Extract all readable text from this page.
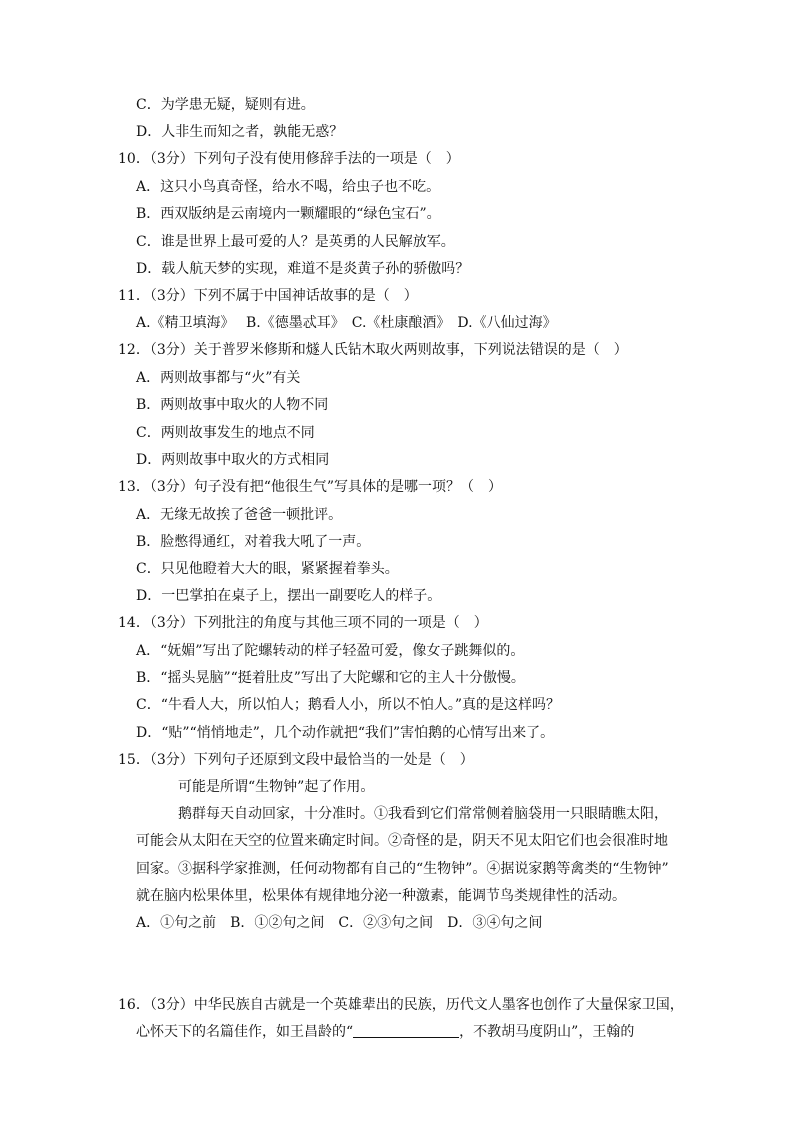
C．为学患无疑，疑则有进。
D．人非生而知之者，孰能无惑？
10．（3分）下列句子没有使用修辞手法的一项是（　）
A．这只小鸟真奇怪，给水不喝，给虫子也不吃。
B．西双版纳是云南境内一颗耀眼的“绿色宝石”。
C．谁是世界上最可爱的人？是英勇的人民解放军。
D．载人航天梦的实现，难道不是炎黄子孙的骄傲吗？
11．（3分）下列不属于中国神话故事的是（　）
A.《精卫填海》　 B.《德墨忒耳》　C.《杜康酿酒》　D.《八仙过海》
12．（3分）关于普罗米修斯和燧人氏钻木取火两则故事，下列说法错误的是（　）
A．两则故事都与“火”有关
B．两则故事中取火的人物不同
C．两则故事发生的地点不同
D．两则故事中取火的方式相同
13．（3分）句子没有把“他很生气”写具体的是哪一项？（　）
A．无缘无故挨了爸爸一顿批评。
B．脸憋得通红，对着我大吼了一声。
C．只见他瞪着大大的眼，紧紧握着拳头。
D．一巴掌拍在桌子上，摆出一副要吃人的样子。
14．（3分）下列批注的角度与其他三项不同的一项是（　）
A．“妩媚”写出了陀螺转动的样子轻盈可爱，像女子跳舞似的。
B．“摇头晃脑”“挺着肚皮”写出了大陀螺和它的主人十分傲慢。
C．“牛看人大，所以怕人；鹅看人小，所以不怕人。”真的是这样吗？
D．“贴”“悄悄地走”，几个动作就把“我们”害怕鹅的心情写出来了。
15．（3分）下列句子还原到文段中最恰当的一处是（　）
可能是所谓“生物钟”起了作用。
鹅群每天自动回家，十分准时。①我看到它们常常侧着脑袋用一只眼睛瞧太阳，
可能会从太阳在天空的位置来确定时间。②奇怪的是，阴天不见太阳它们也会很准时地
回家。③据科学家推测，任何动物都有自己的“生物钟”。④据说家鹅等禽类的“生物钟”
就在脑内松果体里，松果体有规律地分泌一种激素，能调节鸟类规律性的活动。
A．①句之前　B．①②句之间　C．②③句之间　D．③④句之间
16．（3分）中华民族自古就是一个英雄辈出的民族，历代文人墨客也创作了大量保家卫国，
心怀天下的名篇佳作，如王昌龄的“	，不教胡马度阴山”，王翰的
